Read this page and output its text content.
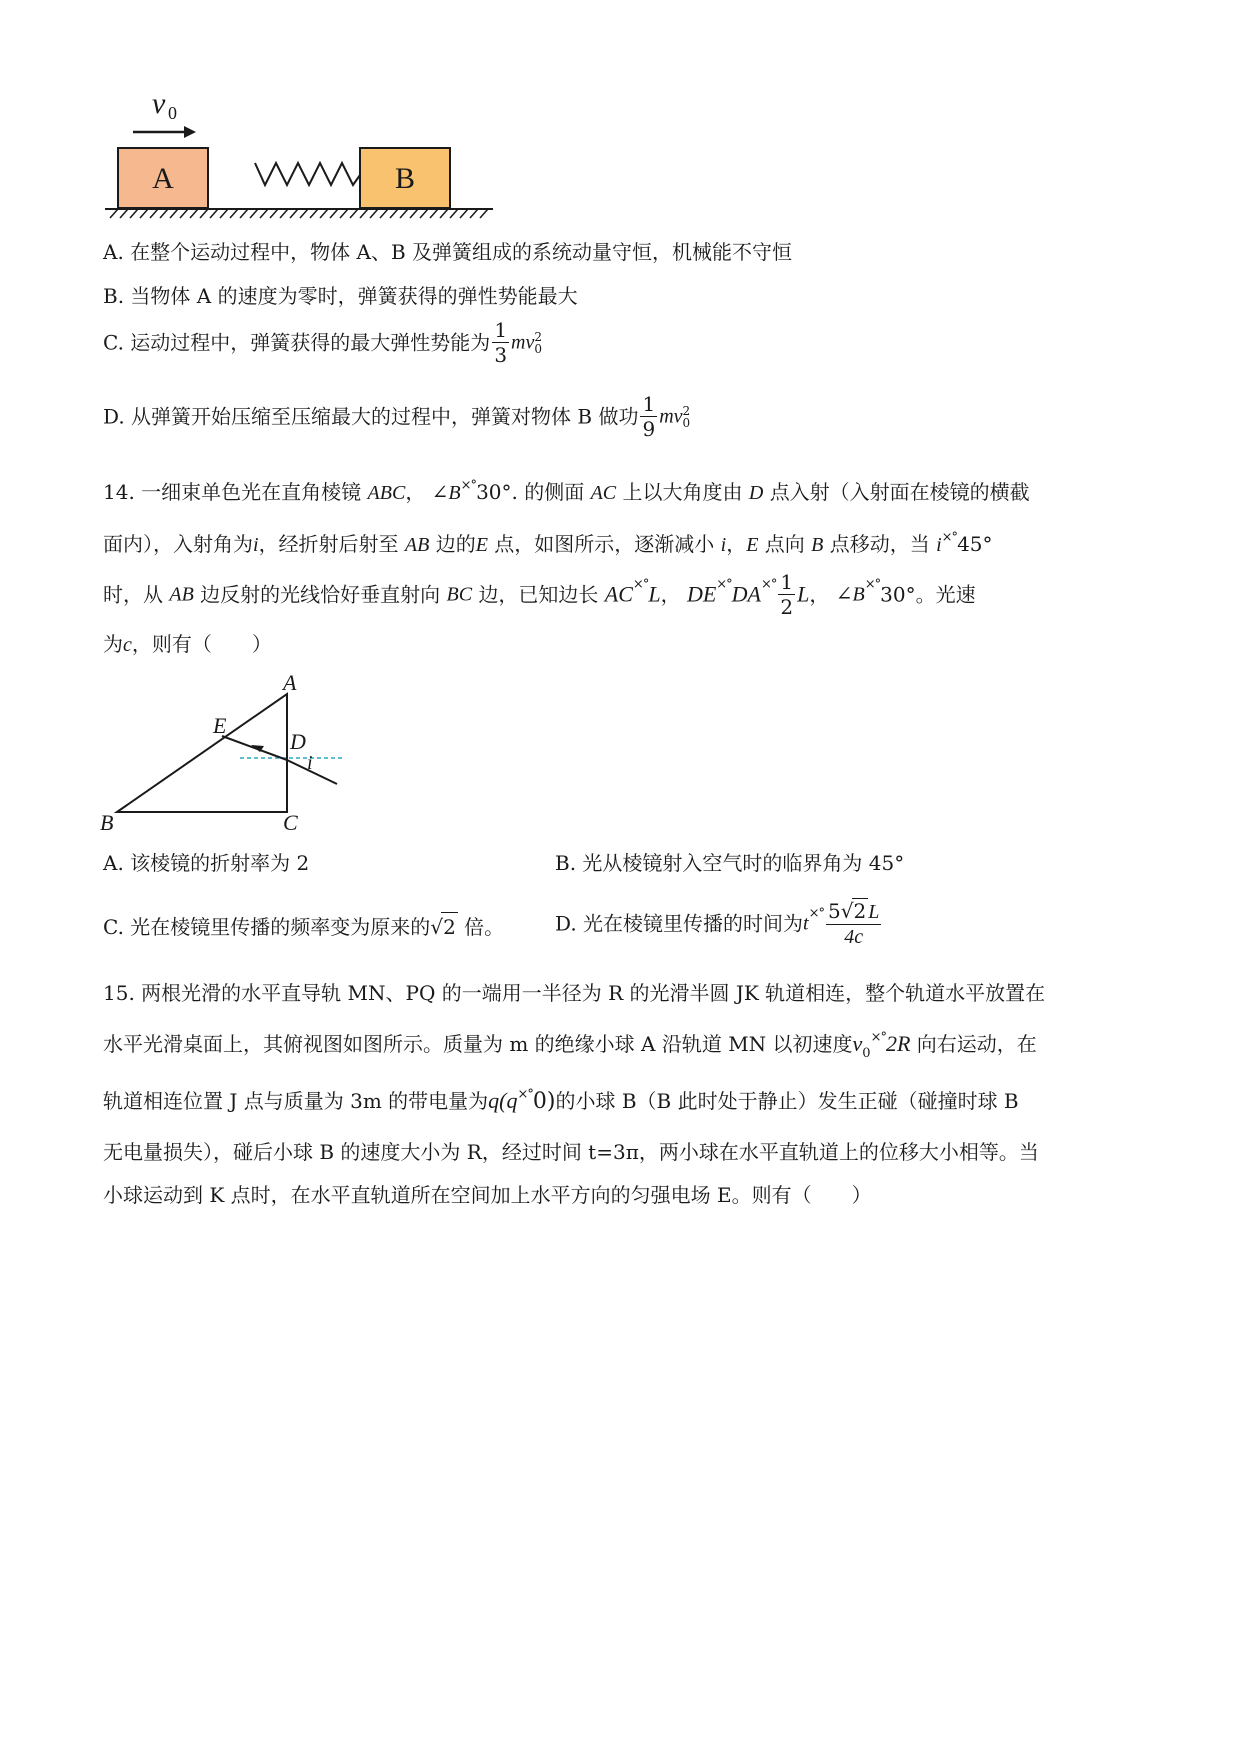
v 0
A	B
A. 在整个运动过程中，物体 A、B 及弹簧组成的系统动量守恒，机械能不守恒
B. 当物体 A 的速度为零时，弹簧获得的弹性势能最大
C. 运动过程中，弹簧获得的最大弹性势能为 $\frac{1}{3}$ mv 2
0
D. 从弹簧开始压缩至压缩最大的过程中，弹簧对物体 B 做功 $\frac{1}{9}$ mv 2
0
14. 一细束单色光在直角棱镜 ABC， ∠B×°30°. 的侧面 AC 上以大角度由 D 点入射（入射面在棱镜的横截
面内），入射角为i，经折射后射至 AB 边的E 点，如图所示，逐渐减小 i，E 点向 B 点移动，当 i×°45°
时，从 AB 边反射的光线恰好垂直射向 BC 边，已知边长 AC×°L， $DE^{\times^\circ}DA^{\times^\circ} \frac{1}{2}$ L， ∠B×°30°。光速
为c，则有（　　）
A
B	C
D
E
i
A. 该棱镜的折射率为 2	B. 光从棱镜射入空气时的临界角为 45°
C. 光在棱镜里传播的频率变为原来的√2 倍。	D. 光在棱镜里传播的时间为$t^{\times^\circ} \frac{5√2 L}{4c}$
15. 两根光滑的水平直导轨 MN、PQ 的一端用一半径为 R 的光滑半圆 JK 轨道相连，整个轨道水平放置在
水平光滑桌面上，其俯视图如图所示。质量为 m 的绝缘小球 A 沿轨道 MN 以初速度$v_0^{\times^\circ}2R$ 向右运动，在
轨道相连位置 J 点与质量为 3m 的带电量为q(q×°0)的小球 B（B 此时处于静止）发生正碰（碰撞时球 B
无电量损失），碰后小球 B 的速度大小为 R，经过时间 t=3π，两小球在水平直轨道上的位移大小相等。当
小球运动到 K 点时，在水平直轨道所在空间加上水平方向的匀强电场 E。则有（　　）
